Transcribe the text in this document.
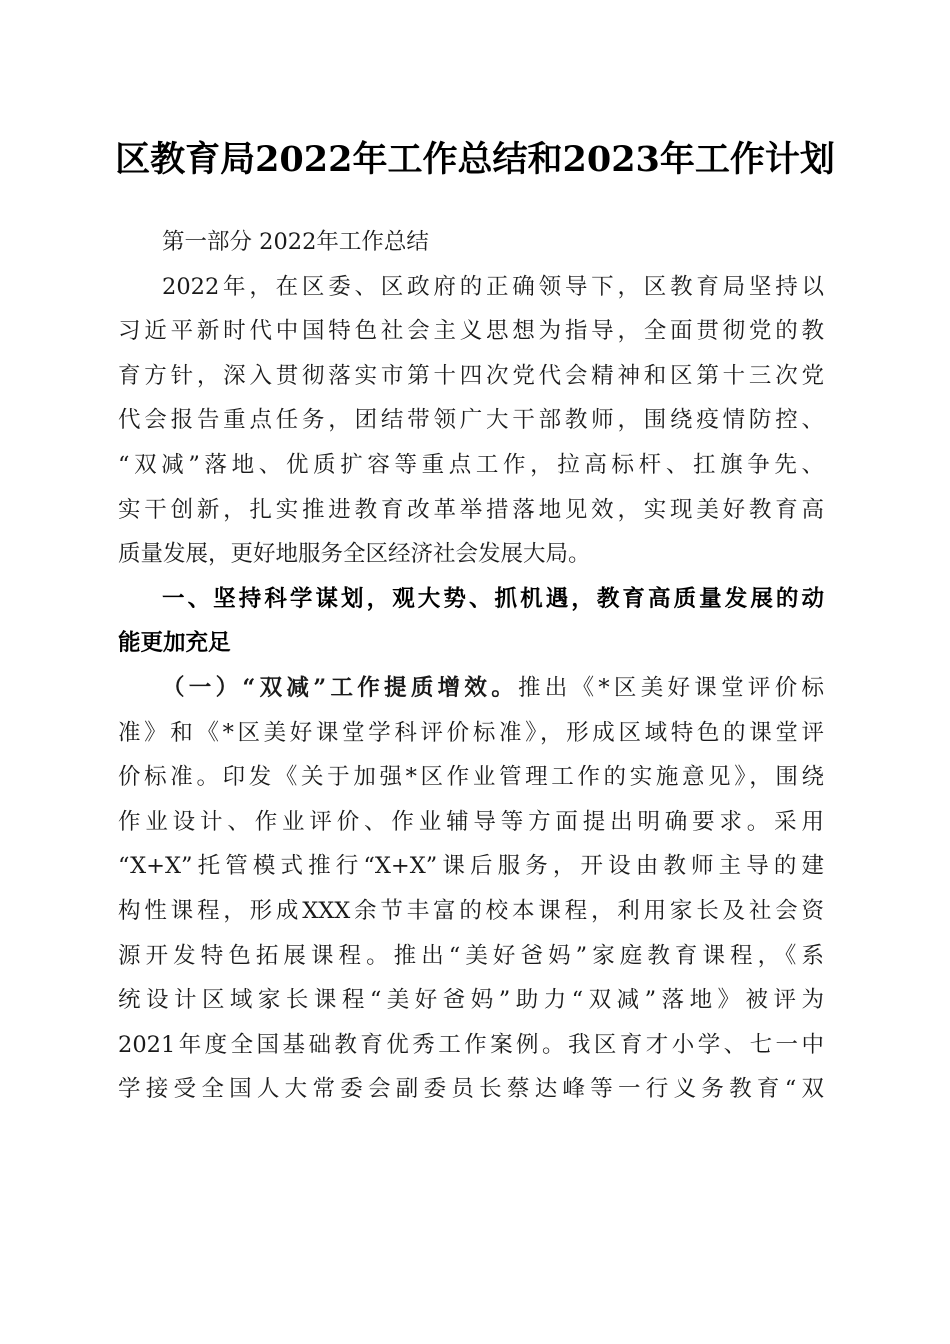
区教育局2022年工作总结和2023年工作计划
第一部分 2022年工作总结
2022年，在区委、区政府的正确领导下，区教育局坚持以
习近平新时代中国特色社会主义思想为指导，全面贯彻党的教
育方针，深入贯彻落实市第十四次党代会精神和区第十三次党
代会报告重点任务，团结带领广大干部教师，围绕疫情防控、
“双减”落地、优质扩容等重点工作，拉高标杆、扛旗争先、
实干创新，扎实推进教育改革举措落地见效，实现美好教育高
质量发展，更好地服务全区经济社会发展大局。
一、坚持科学谋划，观大势、抓机遇，教育高质量发展的动
能更加充足
（一）“双减”工作提质增效。推出《*区美好课堂评价标
准》和《*区美好课堂学科评价标准》，形成区域特色的课堂评
价标准。印发《关于加强*区作业管理工作的实施意见》，围绕
作业设计、作业评价、作业辅导等方面提出明确要求。采用
“X+X”托管模式推行“X+X”课后服务，开设由教师主导的建
构性课程，形成XXX余节丰富的校本课程，利用家长及社会资
源开发特色拓展课程。推出“美好爸妈”家庭教育课程，《系
统设计区域家长课程“美好爸妈”助力“双减”落地》被评为
2021年度全国基础教育优秀工作案例。我区育才小学、七一中
学接受全国人大常委会副委员长蔡达峰等一行义务教育“双
